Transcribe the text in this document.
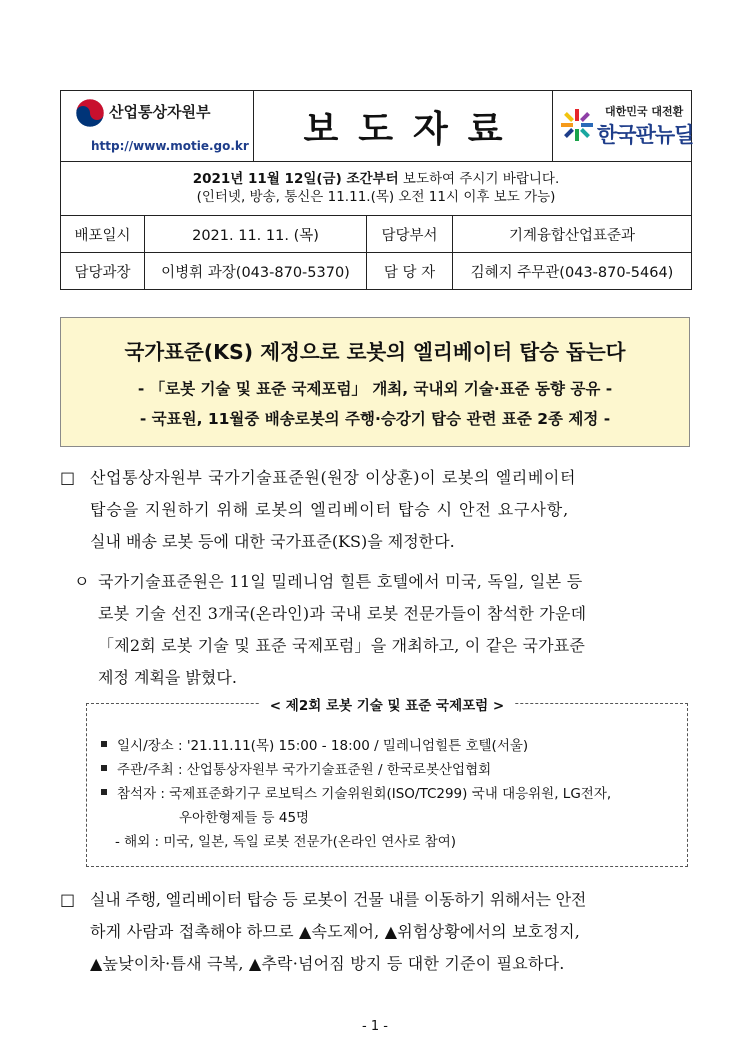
산업통상자원부
http://www.motie.go.kr	보도자료	대한민국 대전환
한국판뉴딜
2021년 11월 12일(금) 조간부터 보도하여 주시기 바랍니다.
(인터넷, 방송, 통신은 11.11.(목) 오전 11시 이후 보도 가능)
배포일시	2021. 11. 11. (목)	담당부서	기계융합산업표준과
담당과장	이병휘 과장(043-870-5370)	담 당 자	김혜지 주무관(043-870-5464)
국가표준(KS) 제정으로 로봇의 엘리베이터 탑승 돕는다
- 「로봇 기술 및 표준 국제포럼」 개최, 국내외 기술·표준 동향 공유 -
- 국표원, 11월중 배송로봇의 주행·승강기 탑승 관련 표준 2종 제정 -
□ 산업통상자원부 국가기술표준원(원장 이상훈)이 로봇의 엘리베이터
탑승을 지원하기 위해 로봇의 엘리베이터 탑승 시 안전 요구사항,
실내 배송 로봇 등에 대한 국가표준(KS)을 제정한다.
ㅇ 국가기술표준원은 11일 밀레니엄 힐튼 호텔에서 미국, 독일, 일본 등
로봇 기술 선진 3개국(온라인)과 국내 로봇 전문가들이 참석한 가운데
「제2회 로봇 기술 및 표준 국제포럼」을 개최하고, 이 같은 국가표준
제정 계획을 밝혔다.
< 제2회 로봇 기술 및 표준 국제포럼 >
일시/장소 : '21.11.11(목) 15:00 - 18:00 / 밀레니엄힐튼 호텔(서울)
주관/주최 : 산업통상자원부 국가기술표준원 / 한국로봇산업협회
참석자 : 국제표준화기구 로보틱스 기술위원회(ISO/TC299) 국내 대응위원, LG전자,
우아한형제들 등 45명
- 해외 : 미국, 일본, 독일 로봇 전문가(온라인 연사로 참여)
□ 실내 주행, 엘리베이터 탑승 등 로봇이 건물 내를 이동하기 위해서는 안전
하게 사람과 접촉해야 하므로 ▲속도제어, ▲위험상황에서의 보호정지,
▲높낮이차·틈새 극복, ▲추락·넘어짐 방지 등 대한 기준이 필요하다.
- 1 -
